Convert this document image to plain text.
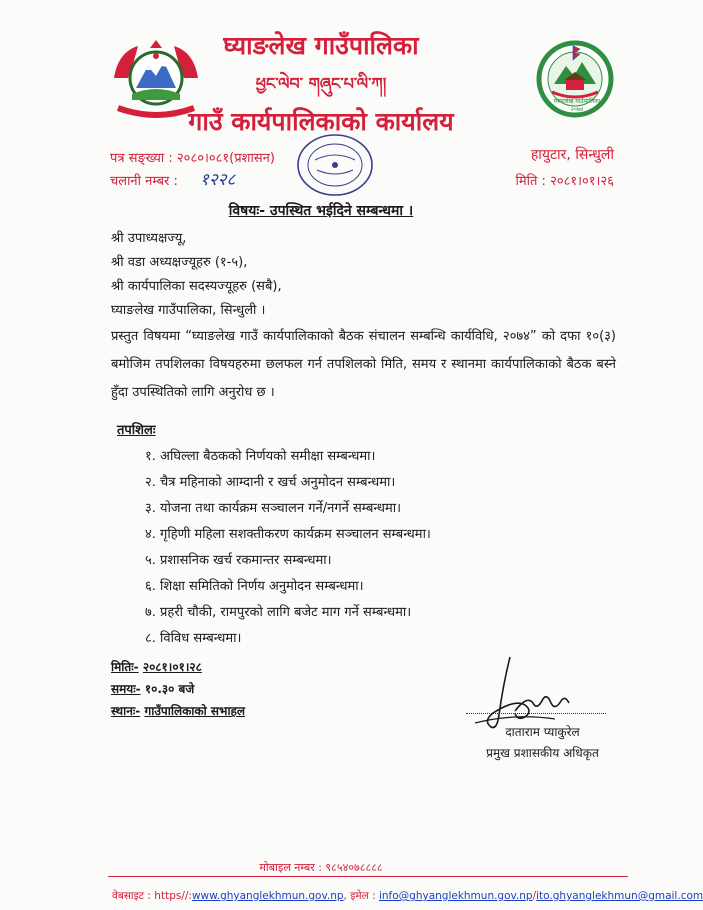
घ्याङलेख गाउँपालिका २०७४
घ्याङलेख गाउँपालिका
ཕྱང་ལེབ་ གཞུང་པ་ལི་ཀ།
गाउँ कार्यपालिकाको कार्यालय
पत्र सङ्ख्या : २०८०।०८१(प्रशासन)
चलानी नम्बर : १२२८
हायुटार, सिन्धुली
मिति : २०८१।०१।२६
विषयः- उपस्थित भईदिने सम्बन्धमा ।
श्री उपाध्यक्षज्यू,
श्री वडा अध्यक्षज्यूहरु (१-५),
श्री कार्यपालिका सदस्यज्यूहरु (सबै),
घ्याङलेख गाउँपालिका, सिन्धुली ।
प्रस्तुत विषयमा “घ्याङलेख गाउँ कार्यपालिकाको बैठक संचालन सम्बन्धि कार्यविधि, २०७४” को दफा १०(३) बमोजिम तपशिलका विषयहरुमा छलफल गर्न तपशिलको मिति, समय र स्थानमा कार्यपालिकाको बैठक बस्ने हुँदा उपस्थितिको लागि अनुरोध छ ।
तपशिलः
१. अघिल्ला बैठकको निर्णयको समीक्षा सम्बन्धमा।
२. चैत्र महिनाको आम्दानी र खर्च अनुमोदन सम्बन्धमा।
३. योजना तथा कार्यक्रम सञ्चालन गर्ने/नगर्ने सम्बन्धमा।
४. गृहिणी महिला सशक्तीकरण कार्यक्रम सञ्चालन सम्बन्धमा।
५. प्रशासनिक खर्च रकमान्तर सम्बन्धमा।
६. शिक्षा समितिको निर्णय अनुमोदन सम्बन्धमा।
७. प्रहरी चौकी, रामपुरको लागि बजेट माग गर्ने सम्बन्धमा।
८. विविध सम्बन्धमा।
मितिः- २०८१।०१।२८
समयः- १०.३० बजे
स्थानः- गाउँपालिकाको सभाहल
दाताराम प्याकुरेल
प्रमुख प्रशासकीय अधिकृत
मोबाइल नम्बर : ९८५४०७८८८८
वेबसाइट : https//:www.ghyanglekhmun.gov.np, इमेल : info@ghyanglekhmun.gov.np/ito.ghyanglekhmun@gmail.com
